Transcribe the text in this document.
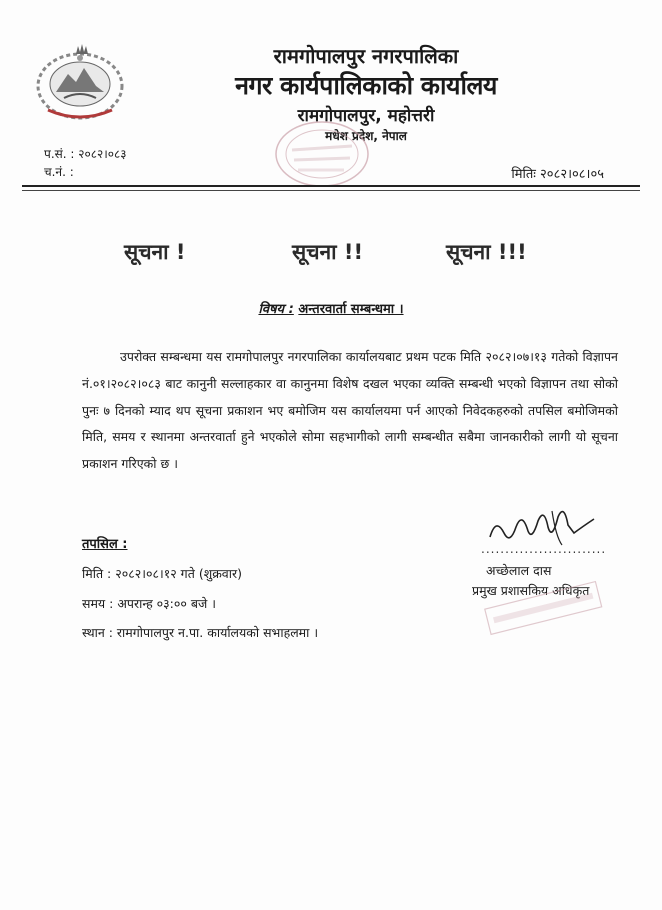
रामगोपालपुर नगरपालिका
नगर कार्यपालिकाको कार्यालय
रामगोपालपुर, महोत्तरी
मधेश प्रदेश, नेपाल
प.सं. : २०८२।०८३
च.नं. :	मितिः २०८२।०८।०५
सूचना !	सूचना !!	सूचना !!!
विषय : अन्तरवार्ता सम्बन्धमा ।
उपरोक्त सम्बन्धमा यस रामगोपालपुर नगरपालिका कार्यालयबाट प्रथम पटक मिति २०८२।०७।१३ गतेको विज्ञापन नं.०१।२०८२।०८३ बाट कानुनी सल्लाहकार वा कानुनमा विशेष दखल भएका व्यक्ति सम्बन्धी भएको विज्ञापन तथा सोको पुनः ७ दिनको म्याद थप सूचना प्रकाशन भए बमोजिम यस कार्यालयमा पर्न आएको निवेदकहरुको तपसिल बमोजिमको मिति, समय र स्थानमा अन्तरवार्ता हुने भएकोले सोमा सहभागीको लागी सम्बन्धीत सबैमा जानकारीको लागी यो सूचना प्रकाशन गरिएको छ ।
तपसिल :
मिति : २०८२।०८।१२ गते (शुक्रवार)
समय : अपरान्ह ०३:०० बजे ।
स्थान : रामगोपालपुर न.पा. कार्यालयको सभाहलमा ।
..........................
अच्छेलाल दास
प्रमुख प्रशासकिय अधिकृत
